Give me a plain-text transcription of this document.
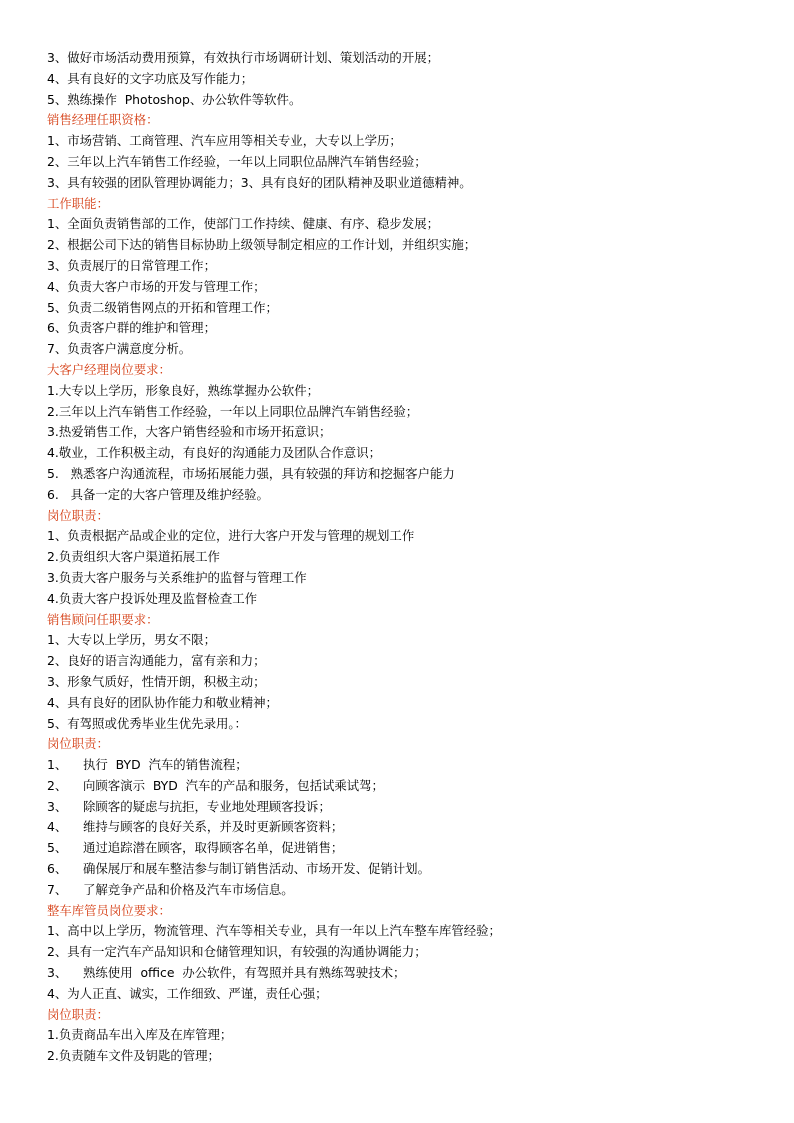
3、做好市场活动费用预算，有效执行市场调研计划、策划活动的开展；
4、具有良好的文字功底及写作能力；
5、熟练操作  Photoshop、办公软件等软件。
销售经理任职资格：
1、市场营销、工商管理、汽车应用等相关专业，大专以上学历；
2、三年以上汽车销售工作经验，一年以上同职位品牌汽车销售经验；
3、具有较强的团队管理协调能力；3、具有良好的团队精神及职业道德精神。
工作职能：
1、全面负责销售部的工作，使部门工作持续、健康、有序、稳步发展；
2、根据公司下达的销售目标协助上级领导制定相应的工作计划，并组织实施；
3、负责展厅的日常管理工作；
4、负责大客户市场的开发与管理工作；
5、负责二级销售网点的开拓和管理工作；
6、负责客户群的维护和管理；
7、负责客户满意度分析。
大客户经理岗位要求：
1.大专以上学历，形象良好，熟练掌握办公软件；
2.三年以上汽车销售工作经验，一年以上同职位品牌汽车销售经验；
3.热爱销售工作，大客户销售经验和市场开拓意识；
4.敬业，工作积极主动，有良好的沟通能力及团队合作意识；
5.   熟悉客户沟通流程，市场拓展能力强，具有较强的拜访和挖掘客户能力
6.   具备一定的大客户管理及维护经验。
岗位职责：
1、负责根据产品或企业的定位，进行大客户开发与管理的规划工作
2.负责组织大客户渠道拓展工作
3.负责大客户服务与关系维护的监督与管理工作
4.负责大客户投诉处理及监督检查工作
销售顾问任职要求：
1、大专以上学历，男女不限；
2、良好的语言沟通能力，富有亲和力；
3、形象气质好，性情开朗，积极主动；
4、具有良好的团队协作能力和敬业精神；
5、有驾照或优秀毕业生优先录用。：
岗位职责：
1、    执行  BYD  汽车的销售流程；
2、    向顾客演示  BYD  汽车的产品和服务，包括试乘试驾；
3、    除顾客的疑虑与抗拒，专业地处理顾客投诉；
4、    维持与顾客的良好关系，并及时更新顾客资料；
5、    通过追踪潜在顾客，取得顾客名单，促进销售；
6、    确保展厅和展车整洁参与制订销售活动、市场开发、促销计划。
7、    了解竞争产品和价格及汽车市场信息。
整车库管员岗位要求：
1、高中以上学历，物流管理、汽车等相关专业，具有一年以上汽车整车库管经验；
2、具有一定汽车产品知识和仓储管理知识，有较强的沟通协调能力；
3、    熟练使用  office  办公软件，有驾照并具有熟练驾驶技术；
4、为人正直、诚实，工作细致、严谨，责任心强；
岗位职责：
1.负责商品车出入库及在库管理；
2.负责随车文件及钥匙的管理；
